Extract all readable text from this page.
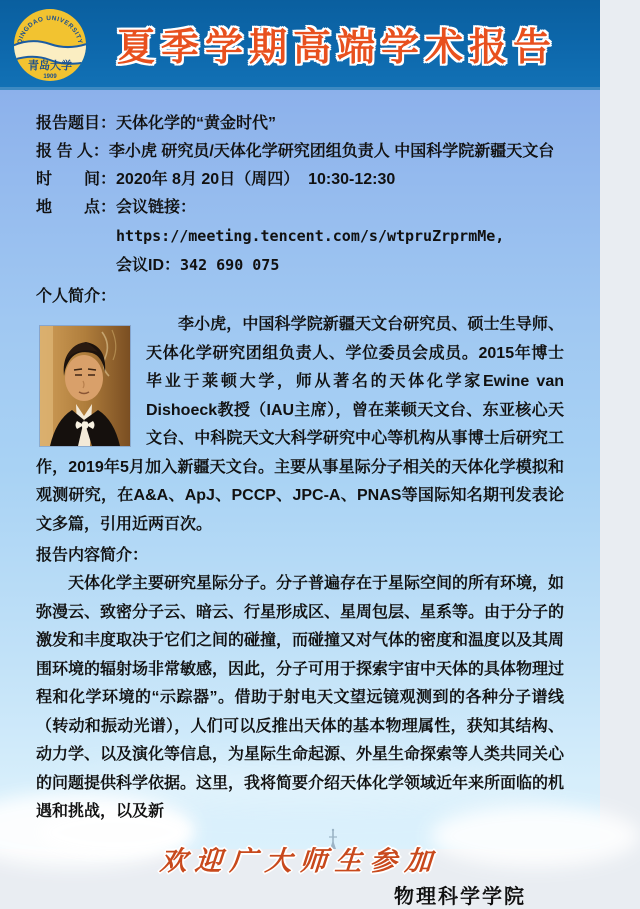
QINGDAO UNIVERSITY
青岛大学
1909
夏季学期高端学术报告
报告题目： 天体化学的“黄金时代”
报 告 人： 李小虎 研究员/天体化学研究团组负责人 中国科学院新疆天文台
时　　间： 2020年 8月 20日（周四）  10:30-12:30
地　　点： 会议链接：https://meeting.tencent.com/s/wtpruZrprmMe,
会议ID：342 690 075
个人简介：

李小虎，中国科学院新疆天文台研究员、硕士生导师、天体化学研究团组负责人、学位委员会成员。2015年博士毕业于莱顿大学，师从著名的天体化学家Ewine van Dishoeck教授（IAU主席），曾在莱顿天文台、东亚核心天文台、中科院天文大科学研究中心等机构从事博士后研究工作，2019年5月加入新疆天文台。主要从事星际分子相关的天体化学模拟和观测研究，在A&A、ApJ、PCCP、JPC-A、PNAS等国际知名期刊发表论文多篇，引用近两百次。

报告内容简介：

天体化学主要研究星际分子。分子普遍存在于星际空间的所有环境，如弥漫云、致密分子云、暗云、行星形成区、星周包层、星系等。由于分子的激发和丰度取决于它们之间的碰撞，而碰撞又对气体的密度和温度以及其周围环境的辐射场非常敏感，因此，分子可用于探索宇宙中天体的具体物理过程和化学环境的“示踪器”。借助于射电天文望远镜观测到的各种分子谱线（转动和振动光谱），人们可以反推出天体的基本物理属性，获知其结构、动力学、以及演化等信息，为星际生命起源、外星生命探索等人类共同关心的问题提供科学依据。这里，我将简要介绍天体化学领域近年来所面临的机遇和挑战，以及新

欢迎广大师生参加
物理科学学院
